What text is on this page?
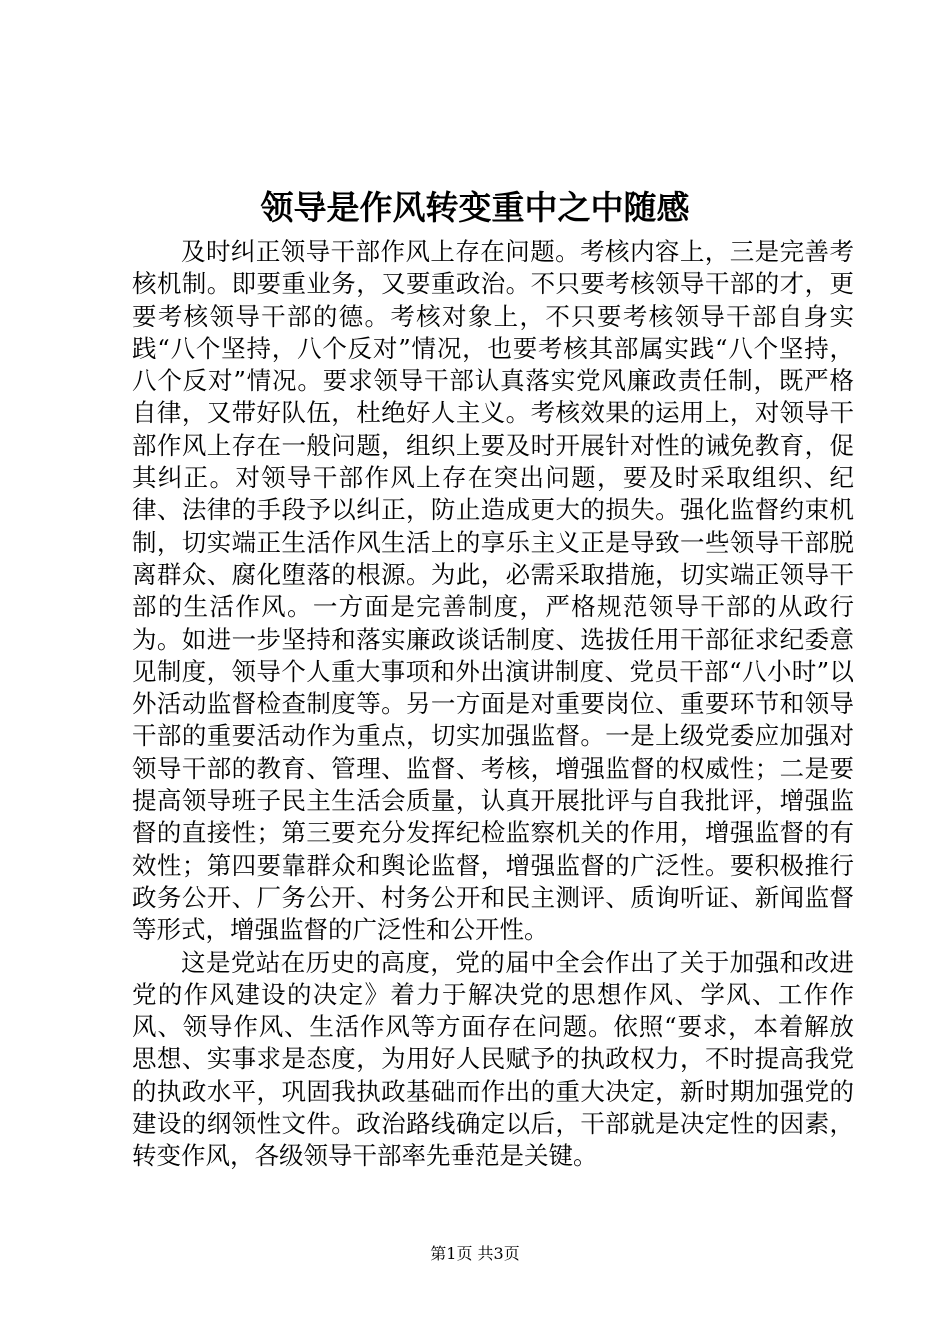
领导是作风转变重中之中随感

及时纠正领导干部作风上存在问题。考核内容上，三是完善考核机制。即要重业务，又要重政治。不只要考核领导干部的才，更要考核领导干部的德。考核对象上，不只要考核领导干部自身实践“八个坚持，八个反对”情况，也要考核其部属实践“八个坚持，八个反对”情况。要求领导干部认真落实党风廉政责任制，既严格自律，又带好队伍，杜绝好人主义。考核效果的运用上，对领导干部作风上存在一般问题，组织上要及时开展针对性的诫免教育，促其纠正。对领导干部作风上存在突出问题，要及时采取组织、纪律、法律的手段予以纠正，防止造成更大的损失。强化监督约束机制，切实端正生活作风生活上的享乐主义正是导致一些领导干部脱离群众、腐化堕落的根源。为此，必需采取措施，切实端正领导干部的生活作风。一方面是完善制度，严格规范领导干部的从政行为。如进一步坚持和落实廉政谈话制度、选拔任用干部征求纪委意见制度，领导个人重大事项和外出演讲制度、党员干部“八小时”以外活动监督检查制度等。另一方面是对重要岗位、重要环节和领导干部的重要活动作为重点，切实加强监督。一是上级党委应加强对领导干部的教育、管理、监督、考核，增强监督的权威性；二是要提高领导班子民主生活会质量，认真开展批评与自我批评，增强监督的直接性；第三要充分发挥纪检监察机关的作用，增强监督的有效性；第四要靠群众和舆论监督，增强监督的广泛性。要积极推行政务公开、厂务公开、村务公开和民主测评、质询听证、新闻监督等形式，增强监督的广泛性和公开性。

这是党站在历史的高度，党的届中全会作出了关于加强和改进党的作风建设的决定》着力于解决党的思想作风、学风、工作作风、领导作风、生活作风等方面存在问题。依照“要求，本着解放思想、实事求是态度，为用好人民赋予的执政权力，不时提高我党的执政水平，巩固我执政基础而作出的重大决定，新时期加强党的建设的纲领性文件。政治路线确定以后，干部就是决定性的因素，转变作风，各级领导干部率先垂范是关键。

第1页 共3页
